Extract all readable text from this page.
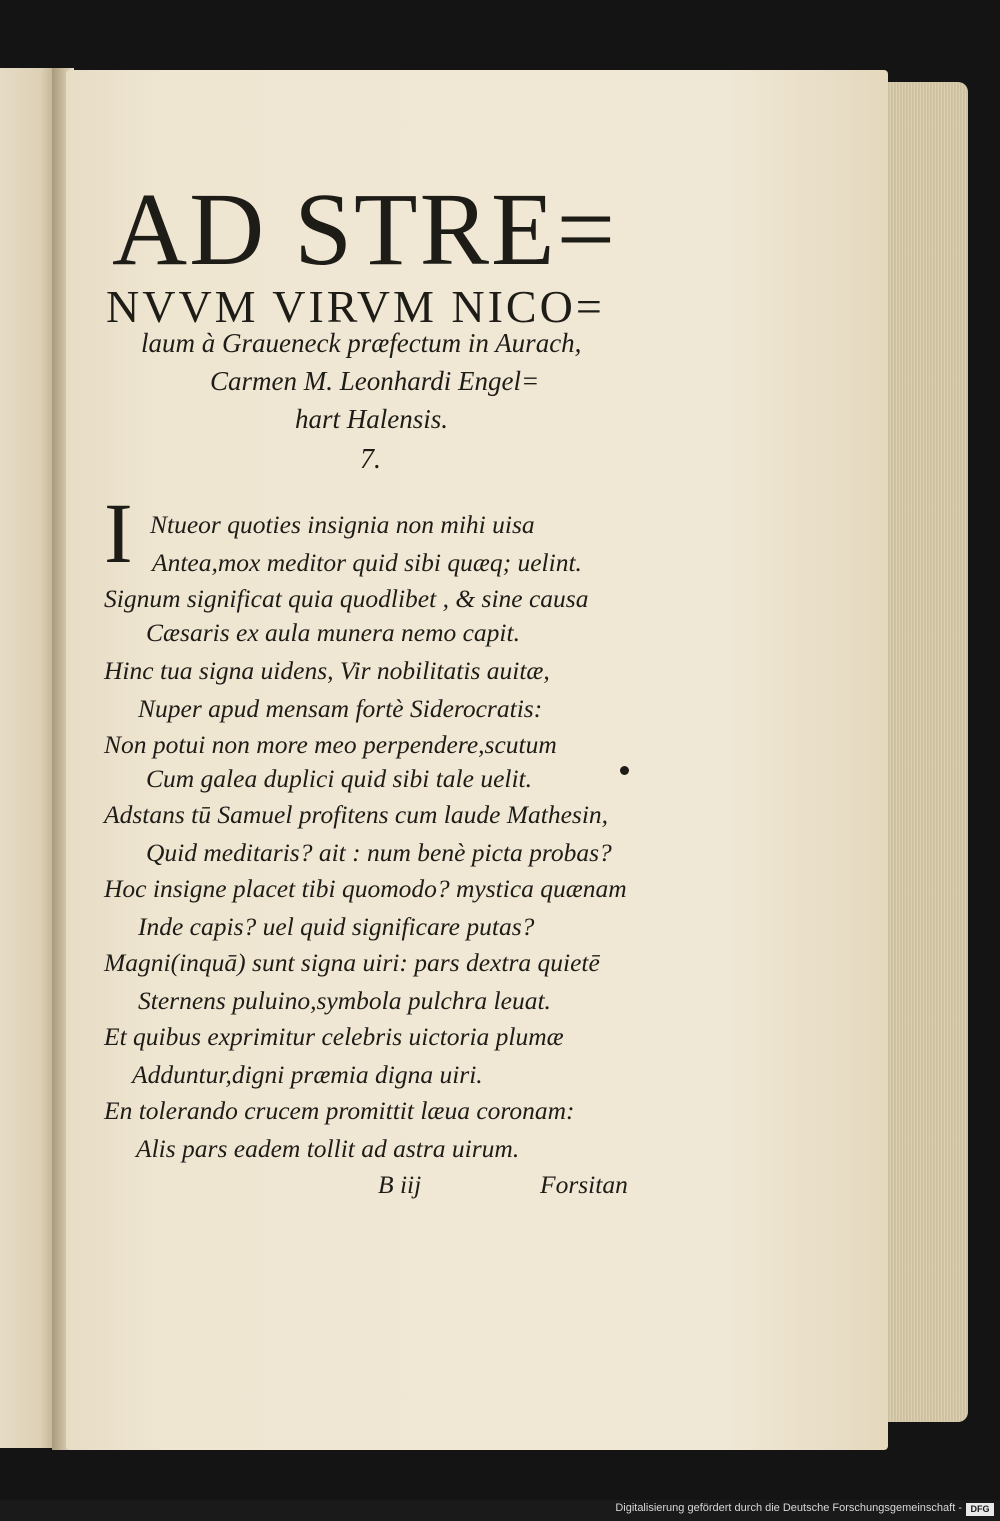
AD STRE=
NVVM VIRVM NICO=
laum à Graueneck præfectum in Aurach,
Carmen M. Leonhardi Engel=
hart Halensis.
7.
I Ntueor quoties insignia non mihi uisa
Antea,mox meditor quid sibi quæq; uelint.
Signum significat quia quodlibet , & sine causa
Cæsaris ex aula munera nemo capit.
Hinc tua signa uidens, Vir nobilitatis auitæ,
Nuper apud mensam fortè Siderocratis:
Non potui non more meo perpendere,scutum
Cum galea duplici quid sibi tale uelit.
Adstans tū Samuel profitens cum laude Mathesin,
Quid meditaris? ait : num benè picta probas?
Hoc insigne placet tibi quomodo? mystica quænam
Inde capis? uel quid significare putas?
Magni(inquā) sunt signa uiri: pars dextra quietē
Sternens puluino,symbola pulchra leuat.
Et quibus exprimitur celebris uictoria plumæ
Adduntur,digni præmia digna uiri.
En tolerando crucem promittit læua coronam:
Alis pars eadem tollit ad astra uirum.
B iij	Forsitan
Digitalisierung gefördert durch die Deutsche Forschungsgemeinschaft - DFG
